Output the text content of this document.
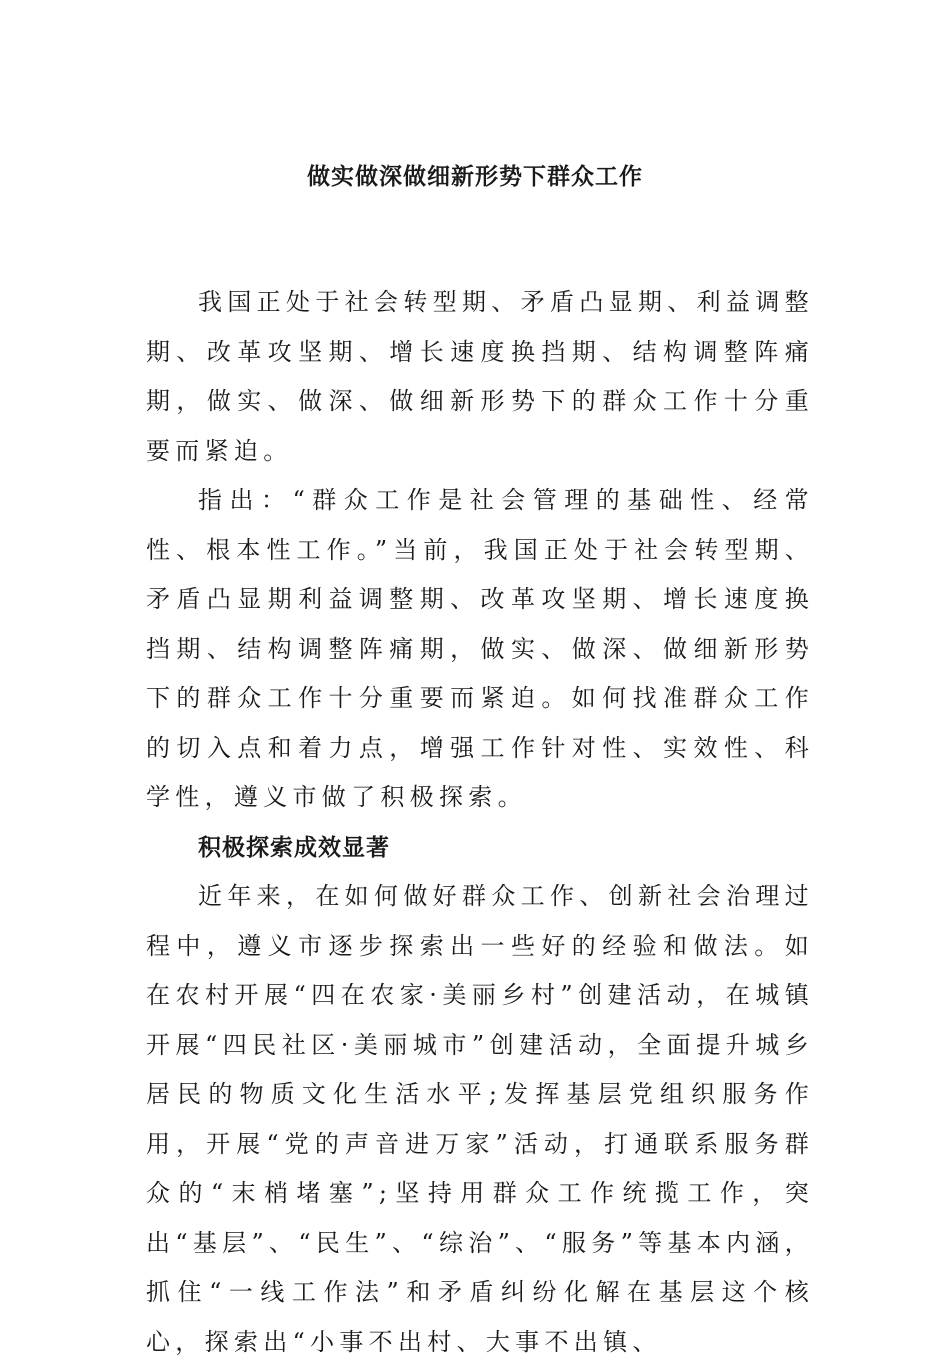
做实做深做细新形势下群众工作

我国正处于社会转型期、矛盾凸显期、利益调整期、改革攻坚期、增长速度换挡期、结构调整阵痛期，做实、做深、做细新形势下的群众工作十分重要而紧迫。

指出：“群众工作是社会管理的基础性、经常性、根本性工作。”当前，我国正处于社会转型期、矛盾凸显期利益调整期、改革攻坚期、增长速度换挡期、结构调整阵痛期，做实、做深、做细新形势下的群众工作十分重要而紧迫。如何找准群众工作的切入点和着力点，增强工作针对性、实效性、科学性，遵义市做了积极探索。

积极探索成效显著

近年来，在如何做好群众工作、创新社会治理过程中，遵义市逐步探索出一些好的经验和做法。如在农村开展“四在农家·美丽乡村”创建活动，在城镇开展“四民社区·美丽城市”创建活动，全面提升城乡居民的物质文化生活水平;发挥基层党组织服务作用，开展“党的声音进万家”活动，打通联系服务群众的“末梢堵塞”;坚持用群众工作统揽工作，突出“基层”、“民生”、“综治”、“服务”等基本内涵，抓住“一线工作法”和矛盾纠纷化解在基层这个核心，探索出“小事不出村、大事不出镇、
